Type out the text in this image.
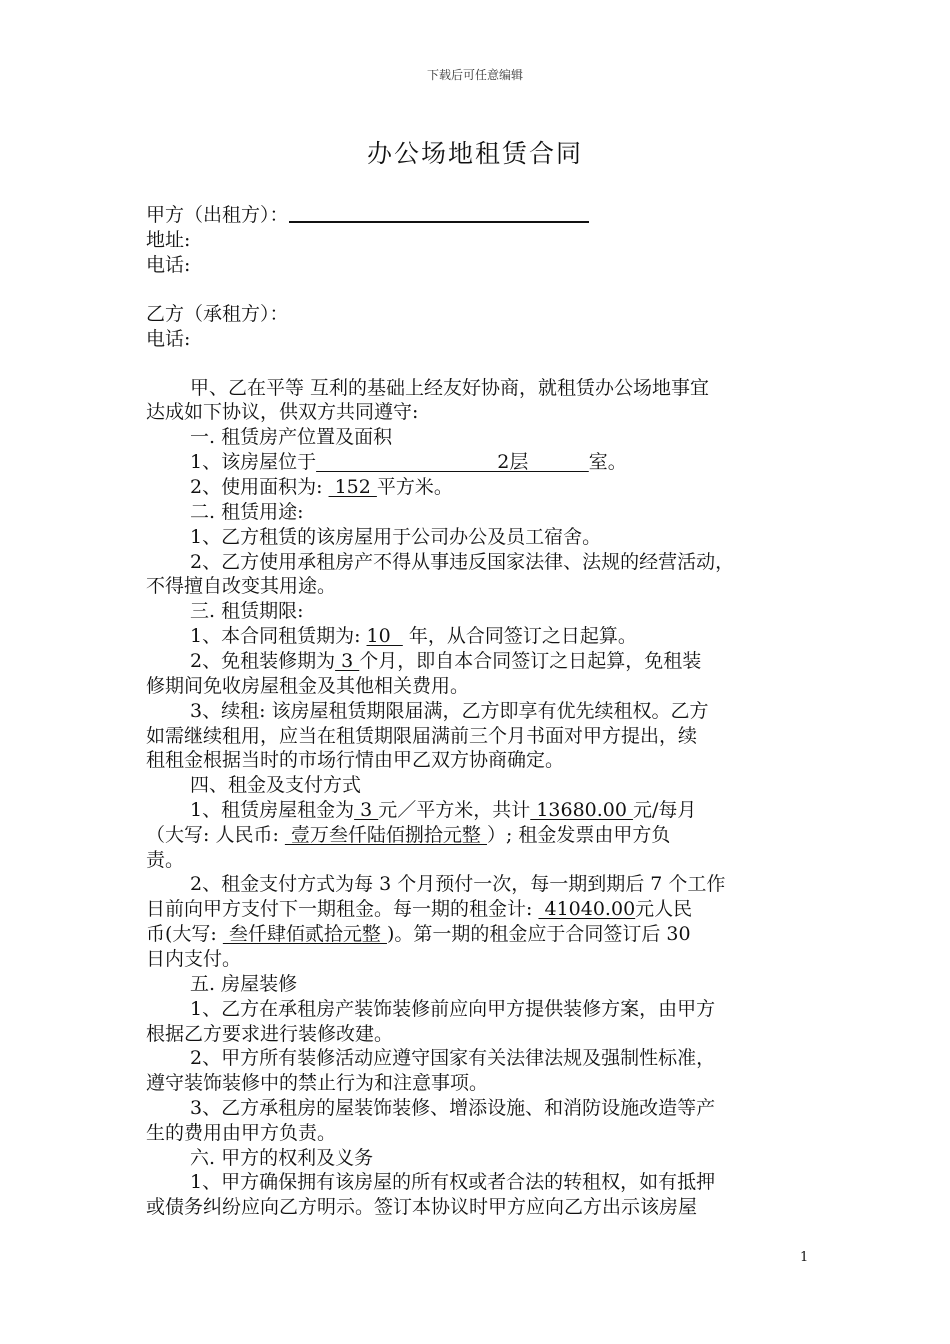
下载后可任意编辑
办公场地租赁合同
甲方（出租方）：
地址:
电话:
乙方（承租方）：
电话:
甲、乙在平等 互利的基础上经友好协商，就租赁办公场地事宜
达成如下协议，供双方共同遵守:
一. 租赁房产位置及面积
1、该房屋位于                              2层          室。
2、使用面积为:  152 平方米。
二. 租赁用途:
1、乙方租赁的该房屋用于公司办公及员工宿舍。
2、乙方使用承租房产不得从事违反国家法律、法规的经营活动，
不得擅自改变其用途。
三. 租赁期限:
1、本合同租赁期为: 10   年，从合同签订之日起算。
2、免租装修期为 3 个月，即自本合同签订之日起算，免租装
修期间免收房屋租金及其他相关费用。
3、续租: 该房屋租赁期限届满，乙方即享有优先续租权。乙方
如需继续租用，应当在租赁期限届满前三个月书面对甲方提出，续
租租金根据当时的市场行情由甲乙双方协商确定。
四、租金及支付方式
1、租赁房屋租金为 3 元／平方米，共计 13680.00 元/每月
（大写: 人民币:  壹万叁仟陆佰捌拾元整 ）; 租金发票由甲方负
责。
2、租金支付方式为每 3 个月预付一次，每一期到期后 7 个工作
日前向甲方支付下一期租金。每一期的租金计:  41040.00元人民
币(大写:  叁仟肆佰贰拾元整 )。第一期的租金应于合同签订后 30
日内支付。
五. 房屋装修
1、乙方在承租房产装饰装修前应向甲方提供装修方案，由甲方
根据乙方要求进行装修改建。
2、甲方所有装修活动应遵守国家有关法律法规及强制性标准，
遵守装饰装修中的禁止行为和注意事项。
3、乙方承租房的屋装饰装修、增添设施、和消防设施改造等产
生的费用由甲方负责。
六. 甲方的权利及义务
1、甲方确保拥有该房屋的所有权或者合法的转租权，如有抵押
或债务纠纷应向乙方明示。签订本协议时甲方应向乙方出示该房屋
1
